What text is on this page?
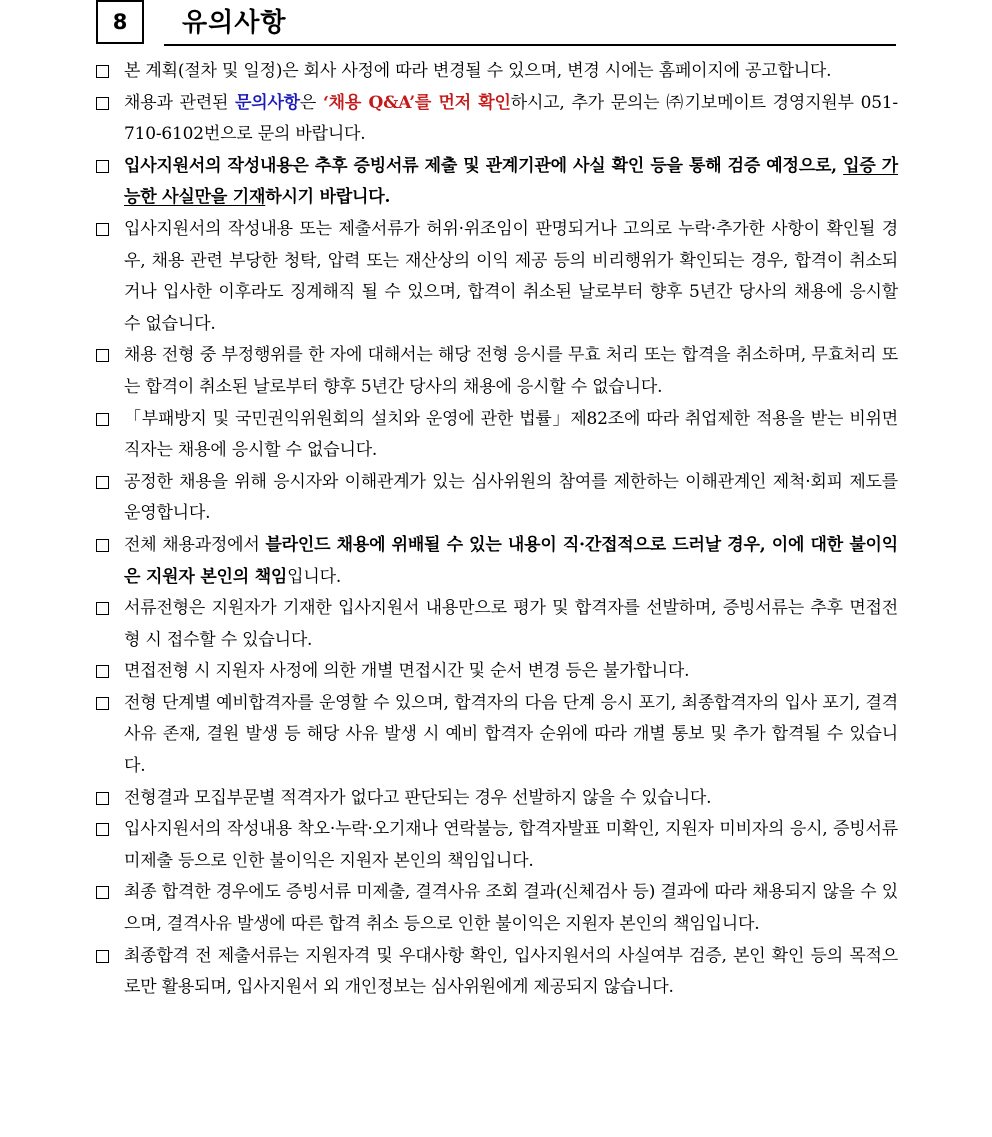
8	유의사항
본 계획(절차 및 일정)은 회사 사정에 따라 변경될 수 있으며, 변경 시에는 홈페이지에 공고합니다.
채용과 관련된 문의사항은 ‘채용 Q&A’를 먼저 확인하시고, 추가 문의는 ㈜기보메이트 경영지원부 051-710-6102번으로 문의 바랍니다.
입사지원서의 작성내용은 추후 증빙서류 제출 및 관계기관에 사실 확인 등을 통해 검증 예정으로, 입증 가능한 사실만을 기재하시기 바랍니다.
입사지원서의 작성내용 또는 제출서류가 허위·위조임이 판명되거나 고의로 누락·추가한 사항이 확인될 경우, 채용 관련 부당한 청탁, 압력 또는 재산상의 이익 제공 등의 비리행위가 확인되는 경우, 합격이 취소되거나 입사한 이후라도 징계해직 될 수 있으며, 합격이 취소된 날로부터 향후 5년간 당사의 채용에 응시할 수 없습니다.
채용 전형 중 부정행위를 한 자에 대해서는 해당 전형 응시를 무효 처리 또는 합격을 취소하며, 무효처리 또는 합격이 취소된 날로부터 향후 5년간 당사의 채용에 응시할 수 없습니다.
「부패방지 및 국민권익위원회의 설치와 운영에 관한 법률」제82조에 따라 취업제한 적용을 받는 비위면직자는 채용에 응시할 수 없습니다.
공정한 채용을 위해 응시자와 이해관계가 있는 심사위원의 참여를 제한하는 이해관계인 제척·회피 제도를 운영합니다.
전체 채용과정에서 블라인드 채용에 위배될 수 있는 내용이 직·간접적으로 드러날 경우, 이에 대한 불이익은 지원자 본인의 책임입니다.
서류전형은 지원자가 기재한 입사지원서 내용만으로 평가 및 합격자를 선발하며, 증빙서류는 추후 면접전형 시 접수할 수 있습니다.
면접전형 시 지원자 사정에 의한 개별 면접시간 및 순서 변경 등은 불가합니다.
전형 단계별 예비합격자를 운영할 수 있으며, 합격자의 다음 단계 응시 포기, 최종합격자의 입사 포기, 결격사유 존재, 결원 발생 등 해당 사유 발생 시 예비 합격자 순위에 따라 개별 통보 및 추가 합격될 수 있습니다.
전형결과 모집부문별 적격자가 없다고 판단되는 경우 선발하지 않을 수 있습니다.
입사지원서의 작성내용 착오·누락·오기재나 연락불능, 합격자발표 미확인, 지원자 미비자의 응시, 증빙서류 미제출 등으로 인한 불이익은 지원자 본인의 책임입니다.
최종 합격한 경우에도 증빙서류 미제출, 결격사유 조회 결과(신체검사 등) 결과에 따라 채용되지 않을 수 있으며, 결격사유 발생에 따른 합격 취소 등으로 인한 불이익은 지원자 본인의 책임입니다.
최종합격 전 제출서류는 지원자격 및 우대사항 확인, 입사지원서의 사실여부 검증, 본인 확인 등의 목적으로만 활용되며, 입사지원서 외 개인정보는 심사위원에게 제공되지 않습니다.
